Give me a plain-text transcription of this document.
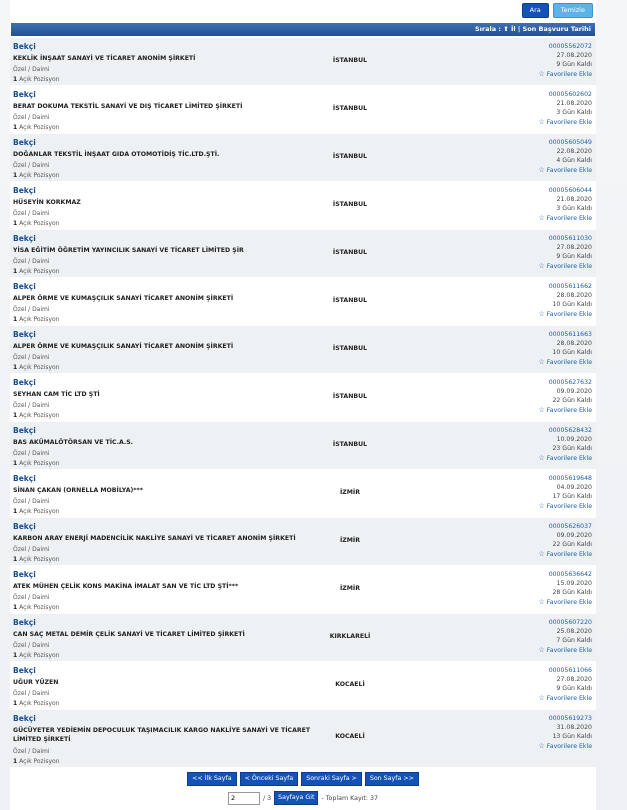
Ara	Temizle
Sırala : ⬆ İl | Son Başvuru Tarihi
Bekçi
KEKLİK İNŞAAT SANAYİ VE TİCARET ANONİM ŞİRKETİ
Özel / Daimi
1 Açık Pozisyon
İSTANBUL
00005562072
27.08.2020
9 Gün Kaldı
☆ Favorilere Ekle
Bekçi
BERAT DOKUMA TEKSTİL SANAYİ VE DIŞ TİCARET LİMİTED ŞİRKETİ
Özel / Daimi
1 Açık Pozisyon
İSTANBUL
00005602602
21.08.2020
3 Gün Kaldı
☆ Favorilere Ekle
Bekçi
DOĞANLAR TEKSTİL İNŞAAT GIDA OTOMOTİDİŞ TİC.LTD.ŞTİ.
Özel / Daimi
1 Açık Pozisyon
İSTANBUL
00005605049
22.08.2020
4 Gün Kaldı
☆ Favorilere Ekle
Bekçi
HÜSEYİN KORKMAZ
Özel / Daimi
1 Açık Pozisyon
İSTANBUL
00005606044
21.08.2020
3 Gün Kaldı
☆ Favorilere Ekle
Bekçi
YİSA EĞİTİM ÖĞRETİM YAYINCILIK SANAYİ VE TİCARET LİMİTED ŞİR
Özel / Daimi
1 Açık Pozisyon
İSTANBUL
00005611030
27.08.2020
9 Gün Kaldı
☆ Favorilere Ekle
Bekçi
ALPER ÖRME VE KUMAŞÇILIK SANAYİ TİCARET ANONİM ŞİRKETİ
Özel / Daimi
1 Açık Pozisyon
İSTANBUL
00005611662
28.08.2020
10 Gün Kaldı
☆ Favorilere Ekle
Bekçi
ALPER ÖRME VE KUMAŞÇILIK SANAYİ TİCARET ANONİM ŞİRKETİ
Özel / Daimi
1 Açık Pozisyon
İSTANBUL
00005611663
28.08.2020
10 Gün Kaldı
☆ Favorilere Ekle
Bekçi
SEYHAN CAM TİC LTD ŞTİ
Özel / Daimi
1 Açık Pozisyon
İSTANBUL
00005627632
09.09.2020
22 Gün Kaldı
☆ Favorilere Ekle
Bekçi
BAS AKÜMALÖTÖRSAN VE TİC.A.S.
Özel / Daimi
1 Açık Pozisyon
İSTANBUL
00005628432
10.09.2020
23 Gün Kaldı
☆ Favorilere Ekle
Bekçi
SİNAN ÇAKAN (ORNELLA MOBİLYA)***
Özel / Daimi
1 Açık Pozisyon
İZMİR
00005619648
04.09.2020
17 Gün Kaldı
☆ Favorilere Ekle
Bekçi
KARBON ARAY ENERJİ MADENCİLİK NAKLİYE SANAYİ VE TİCARET ANONİM ŞİRKETİ
Özel / Daimi
1 Açık Pozisyon
İZMİR
00005626037
09.09.2020
22 Gün Kaldı
☆ Favorilere Ekle
Bekçi
ATEK MÜHEN ÇELİK KONS MAKİNA İMALAT SAN VE TİC LTD ŞTİ***
Özel / Daimi
1 Açık Pozisyon
İZMİR
00005636642
15.09.2020
28 Gün Kaldı
☆ Favorilere Ekle
Bekçi
CAN SAÇ METAL DEMİR ÇELİK SANAYİ VE TİCARET LİMİTED ŞİRKETİ
Özel / Daimi
1 Açık Pozisyon
KIRKLARELİ
00005607220
25.08.2020
7 Gün Kaldı
☆ Favorilere Ekle
Bekçi
UĞUR YÜZEN
Özel / Daimi
1 Açık Pozisyon
KOCAELİ
00005611066
27.08.2020
9 Gün Kaldı
☆ Favorilere Ekle
Bekçi
GÜCÜYETER YEDİEMİN DEPOCULUK TAŞIMACILIK KARGO NAKLİYE SANAYİ VE TİCARET LİMİTED ŞİRKETİ
Özel / Daimi
1 Açık Pozisyon
KOCAELİ
00005619273
31.08.2020
13 Gün Kaldı
☆ Favorilere Ekle
<< İlk Sayfa	< Önceki Sayfa	Sonraki Sayfa >	Son Sayfa >>
2
/ 3	Sayfaya Git	- Toplam Kayıt: 37
